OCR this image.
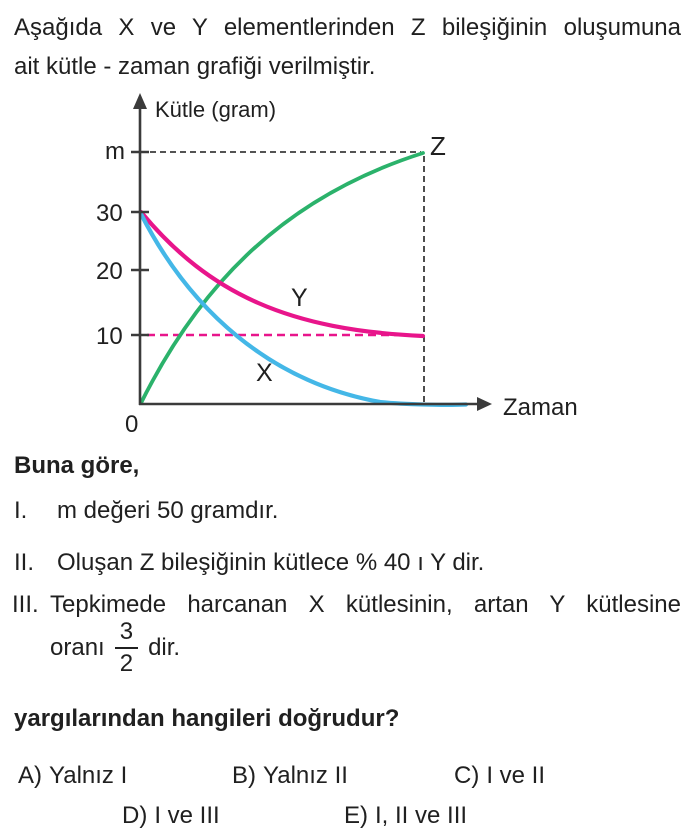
Aşağıda X ve Y elementlerinden Z bileşiğinin oluşumuna
ait kütle - zaman grafiği verilmiştir.
Kütle (gram)
Zaman
m
30
20
10
0
Z
Y
X
Buna göre,
I. m değeri 50 gramdır.
II. Oluşan Z bileşiğinin kütlece % 40 ı Y dir.
III. Tepkimede harcanan X kütlesinin, artan Y kütlesine
oranı $\frac{3}{2}$ dir.
yargılarından hangileri doğrudur?
A) Yalnız I	B) Yalnız II	C) I ve II
D) I ve III	E) I, II ve III
